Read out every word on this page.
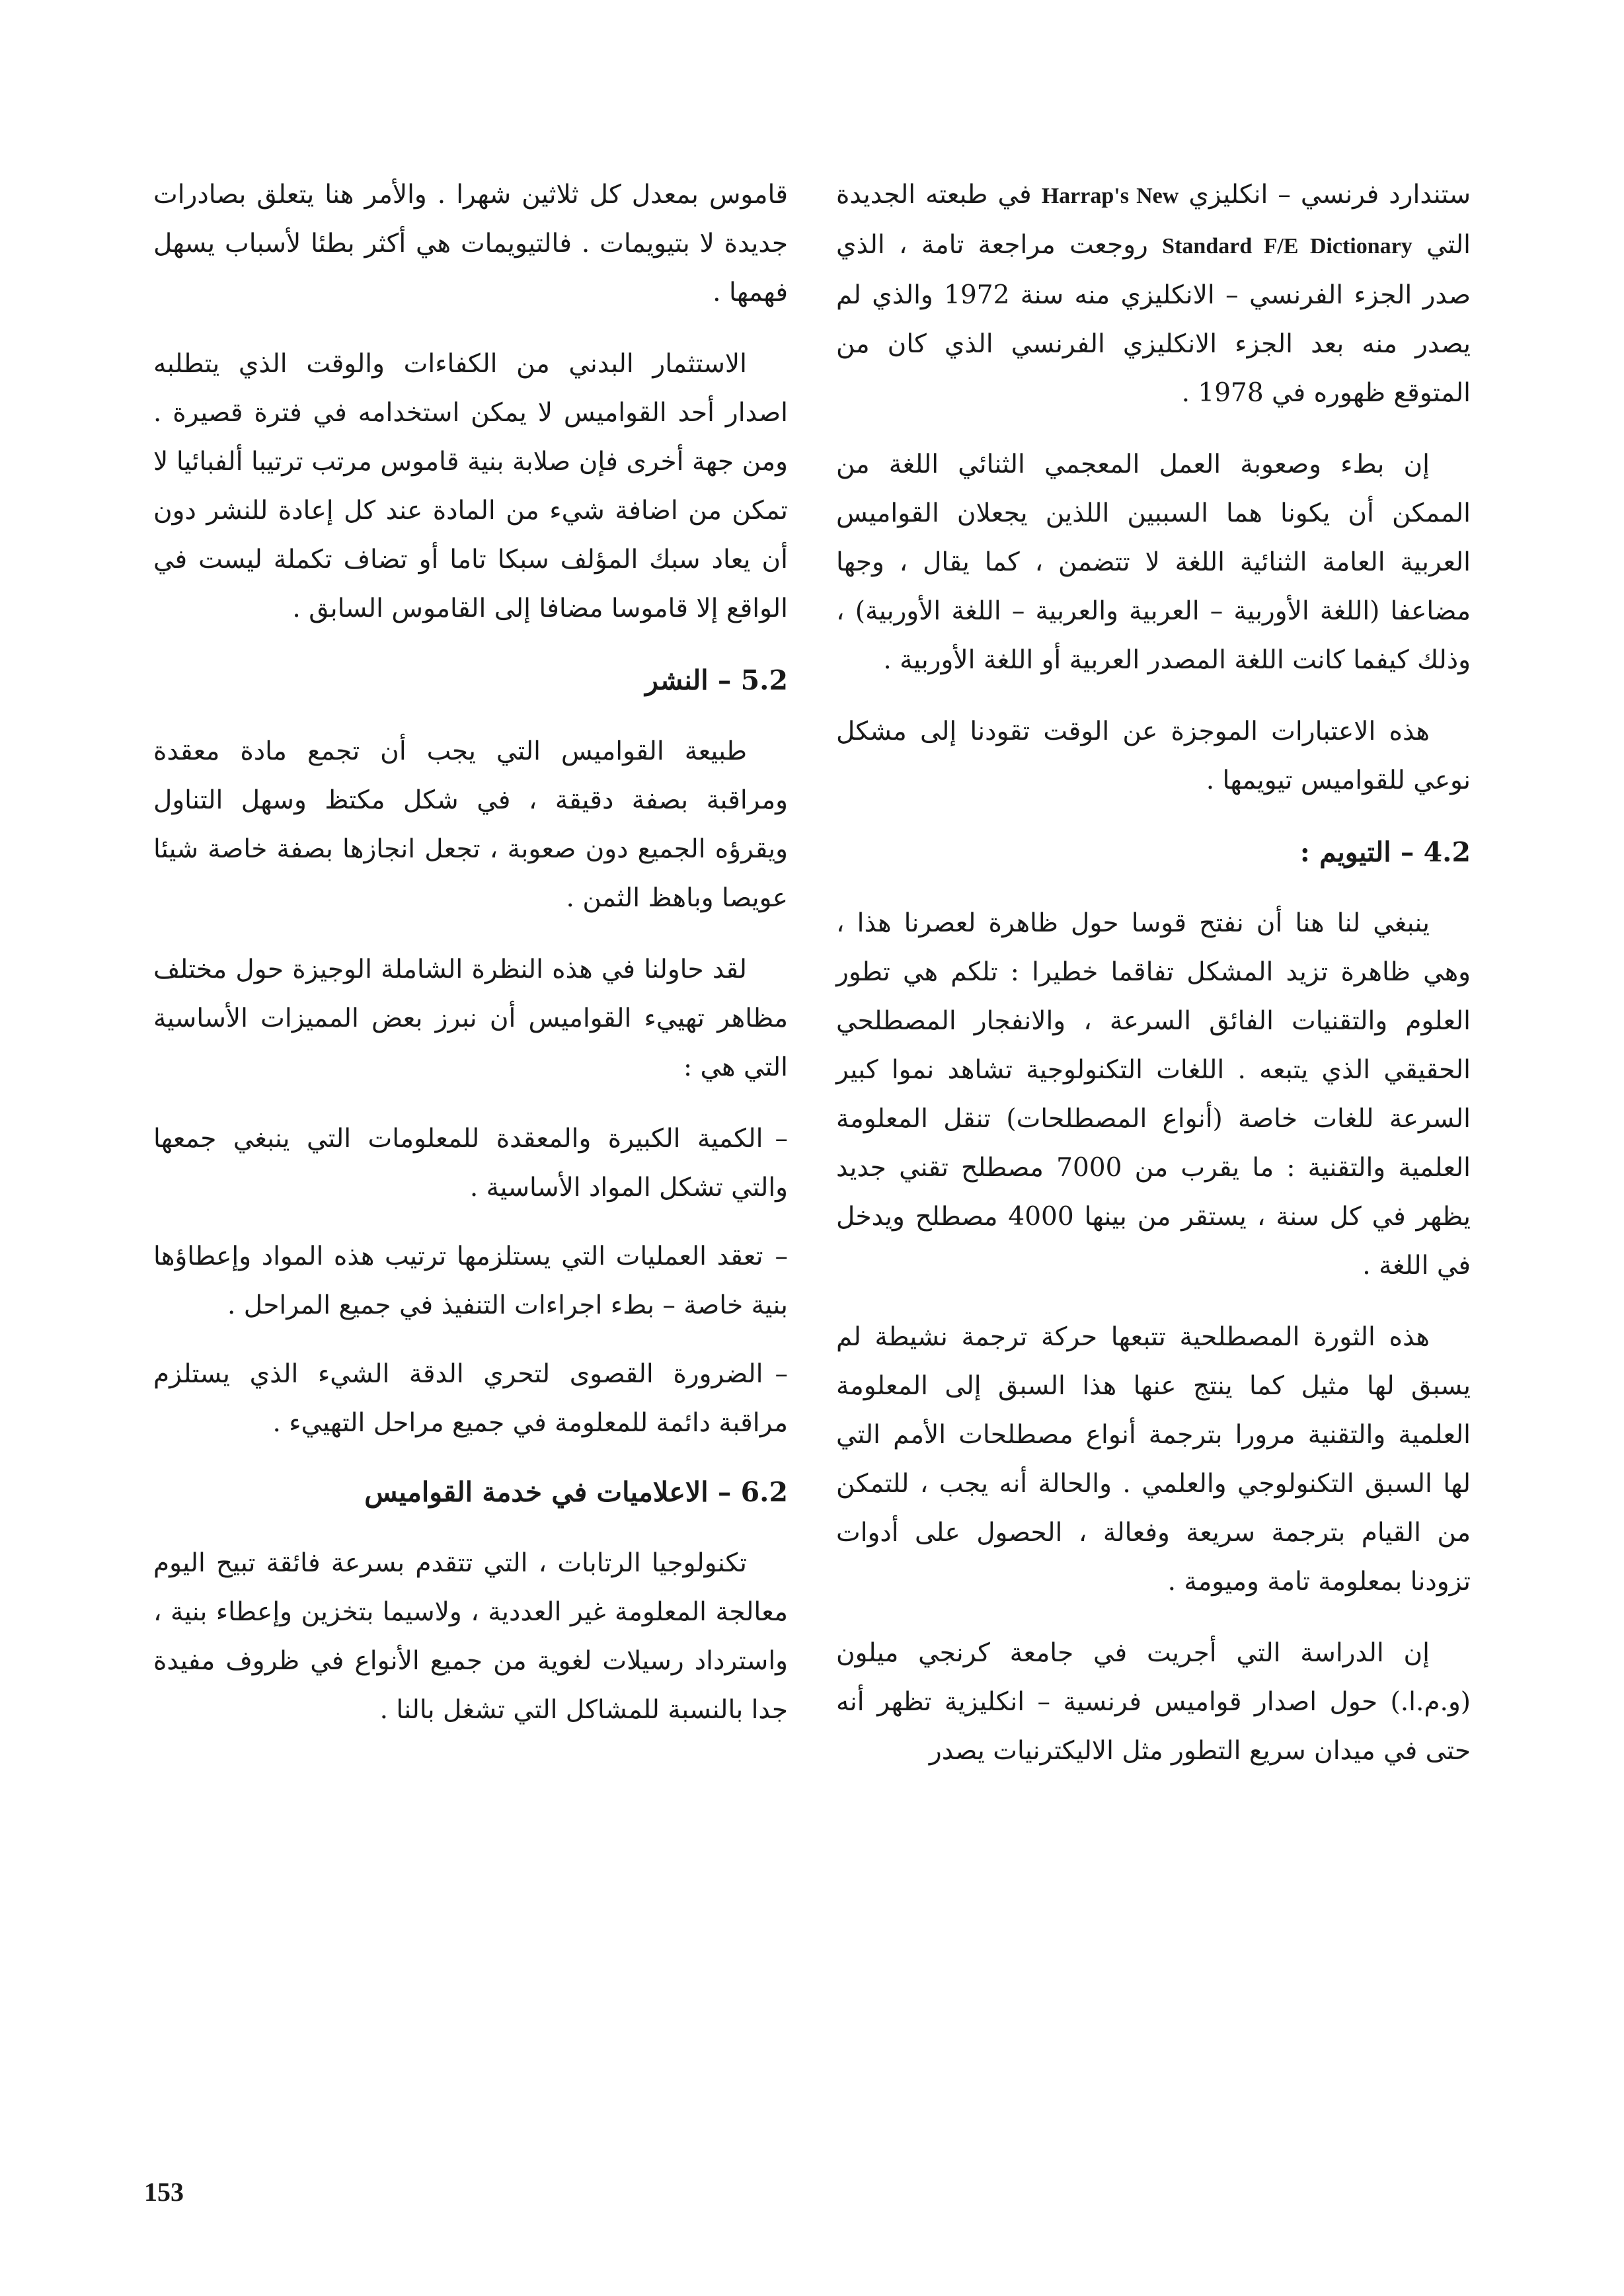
ستندارد فرنسي – انكليزي Harrap's New في طبعته الجديدة التي Standard F/E Dictionary روجعت مراجعة تامة ، الذي صدر الجزء الفرنسي – الانكليزي منه سنة 1972 والذي لم يصدر منه بعد الجزء الانكليزي الفرنسي الذي كان من المتوقع ظهوره في 1978 .

إن بطء وصعوبة العمل المعجمي الثنائي اللغة من الممكن أن يكونا هما السببين اللذين يجعلان القواميس العربية العامة الثنائية اللغة لا تتضمن ، كما يقال ، وجها مضاعفا (اللغة الأوربية – العربية والعربية – اللغة الأوربية) ، وذلك كيفما كانت اللغة المصدر العربية أو اللغة الأوربية .

هذه الاعتبارات الموجزة عن الوقت تقودنا إلى مشكل نوعي للقواميس تيويمها .

4.2 – التيويم :

ينبغي لنا هنا أن نفتح قوسا حول ظاهرة لعصرنا هذا ، وهي ظاهرة تزيد المشكل تفاقما خطيرا : تلكم هي تطور العلوم والتقنيات الفائق السرعة ، والانفجار المصطلحي الحقيقي الذي يتبعه . اللغات التكنولوجية تشاهد نموا كبير السرعة للغات خاصة (أنواع المصطلحات) تنقل المعلومة العلمية والتقنية : ما يقرب من 7000 مصطلح تقني جديد يظهر في كل سنة ، يستقر من بينها 4000 مصطلح ويدخل في اللغة .

هذه الثورة المصطلحية تتبعها حركة ترجمة نشيطة لم يسبق لها مثيل كما ينتج عنها هذا السبق إلى المعلومة العلمية والتقنية مرورا بترجمة أنواع مصطلحات الأمم التي لها السبق التكنولوجي والعلمي . والحالة أنه يجب ، للتمكن من القيام بترجمة سريعة وفعالة ، الحصول على أدوات تزودنا بمعلومة تامة وميومة .

إن الدراسة التي أجريت في جامعة كرنجي ميلون (و.م.ا.) حول اصدار قواميس فرنسية – انكليزية تظهر أنه حتى في ميدان سريع التطور مثل الاليكترنيات يصدر

قاموس بمعدل كل ثلاثين شهرا . والأمر هنا يتعلق بصادرات جديدة لا بتيويمات . فالتيويمات هي أكثر بطئا لأسباب يسهل فهمها .

الاستثمار البدني من الكفاءات والوقت الذي يتطلبه اصدار أحد القواميس لا يمكن استخدامه في فترة قصيرة . ومن جهة أخرى فإن صلابة بنية قاموس مرتب ترتيبا ألفبائيا لا تمكن من اضافة شيء من المادة عند كل إعادة للنشر دون أن يعاد سبك المؤلف سبكا تاما أو تضاف تكملة ليست في الواقع إلا قاموسا مضافا إلى القاموس السابق .

5.2 – النشر

طبيعة القواميس التي يجب أن تجمع مادة معقدة ومراقبة بصفة دقيقة ، في شكل مكتظ وسهل التناول ويقرؤه الجميع دون صعوبة ، تجعل انجازها بصفة خاصة شيئا عويصا وباهظ الثمن .

لقد حاولنا في هذه النظرة الشاملة الوجيزة حول مختلف مظاهر تهييء القواميس أن نبرز بعض المميزات الأساسية التي هي :

–الكمية الكبيرة والمعقدة للمعلومات التي ينبغي جمعها والتي تشكل المواد الأساسية .

–تعقد العمليات التي يستلزمها ترتيب هذه المواد وإعطاؤها بنية خاصة – بطء اجراءات التنفيذ في جميع المراحل .

–الضرورة القصوى لتحري الدقة الشيء الذي يستلزم مراقبة دائمة للمعلومة في جميع مراحل التهييء .

6.2 – الاعلاميات في خدمة القواميس

تكنولوجيا الرتابات ، التي تتقدم بسرعة فائقة تبيح اليوم معالجة المعلومة غير العددية ، ولاسيما بتخزين وإعطاء بنية ، واسترداد رسيلات لغوية من جميع الأنواع في ظروف مفيدة جدا بالنسبة للمشاكل التي تشغل بالنا .

153
